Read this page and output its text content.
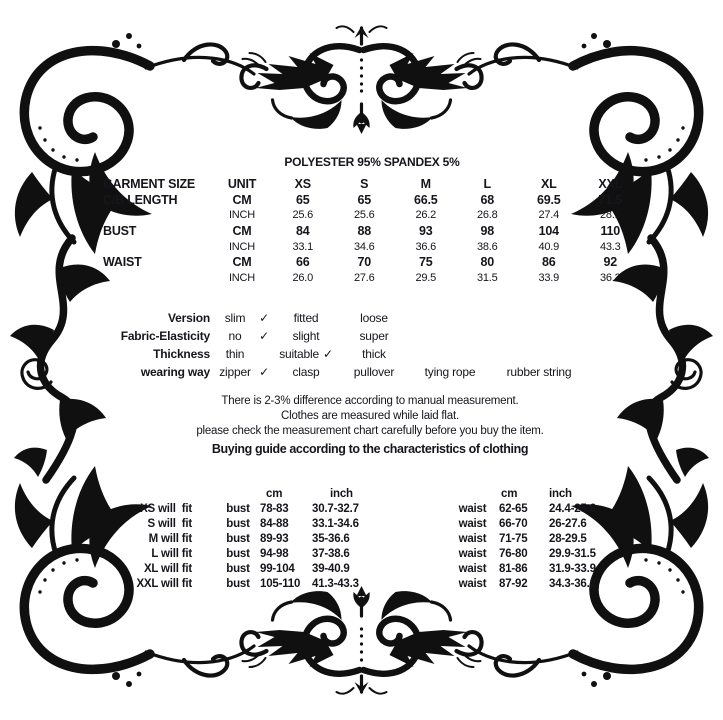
POLYESTER 95% SPANDEX 5%
GARMENT SIZE	UNIT	XS	S	M	L	XL	XXL
C/B LENGTH	CM	65	65	66.5	68	69.5	71.5
INCH	25.6	25.6	26.2	26.8	27.4	28.1
BUST	CM	84	88	93	98	104	110
INCH	33.1	34.6	36.6	38.6	40.9	43.3
WAIST	CM	66	70	75	80	86	92
INCH	26.0	27.6	29.5	31.5	33.9	36.2
Version	slim	✓	fitted	loose
Fabric-Elasticity	no	✓	slight	super
Thickness	thin	suitable ✓	thick
wearing way zipper ✓	clasp	pullover	tying rope	rubber string
There is 2-3% difference according to manual measurement.
Clothes are measured while laid flat.
please check the measurement chart carefully before you buy the item.
Buying guide according to the characteristics of clothing
cm	inch	cm	inch
XS will  fit	bust 78-83	30.7-32.7	waist	62-65	24.4-25.6
S will  fit	bust 84-88	33.1-34.6	waist	66-70	26-27.6
M will fit	bust 89-93	35-36.6	waist	71-75	28-29.5
L will fit	bust 94-98	37-38.6	waist	76-80	29.9-31.5
XL will fit	bust 99-104	39-40.9	waist	81-86	31.9-33.9
XXL will fit	bust 105-110	41.3-43.3	waist	87-92	34.3-36.2
